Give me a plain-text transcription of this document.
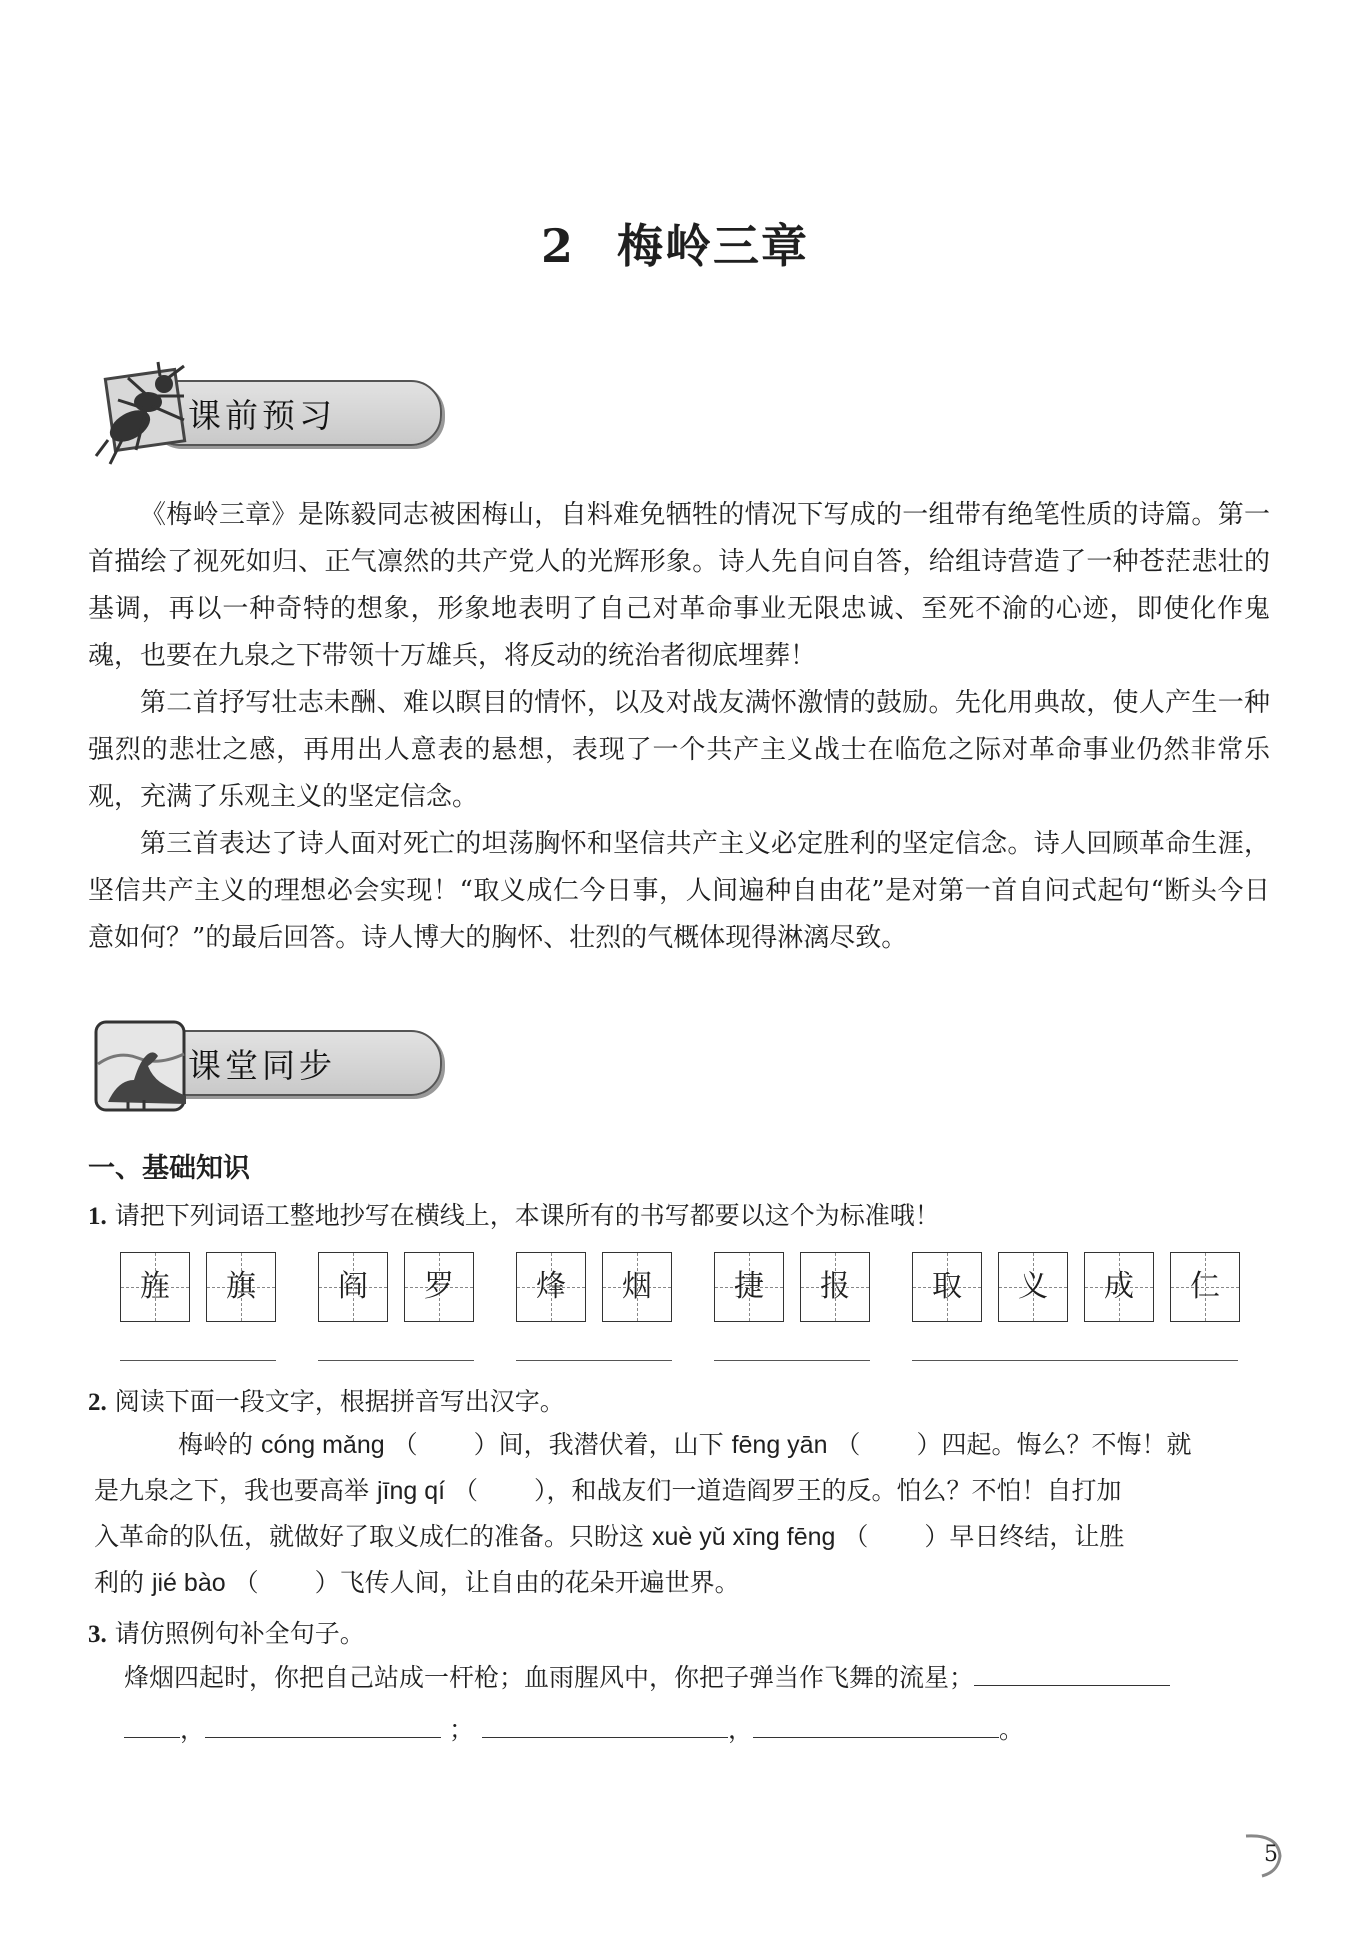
2 梅岭三章
课前预习

《梅岭三章》是陈毅同志被困梅山，自料难免牺牲的情况下写成的一组带有绝笔性质的诗篇。第一首描绘了视死如归、正气凛然的共产党人的光辉形象。诗人先自问自答，给组诗营造了一种苍茫悲壮的基调，再以一种奇特的想象，形象地表明了自己对革命事业无限忠诚、至死不渝的心迹，即使化作鬼魂，也要在九泉之下带领十万雄兵，将反动的统治者彻底埋葬！

第二首抒写壮志未酬、难以瞑目的情怀，以及对战友满怀激情的鼓励。先化用典故，使人产生一种强烈的悲壮之感，再用出人意表的悬想，表现了一个共产主义战士在临危之际对革命事业仍然非常乐观，充满了乐观主义的坚定信念。

第三首表达了诗人面对死亡的坦荡胸怀和坚信共产主义必定胜利的坚定信念。诗人回顾革命生涯，坚信共产主义的理想必会实现！“取义成仁今日事，人间遍种自由花”是对第一首自问式起句“断头今日意如何？”的最后回答。诗人博大的胸怀、壮烈的气概体现得淋漓尽致。

课堂同步
一、基础知识
1. 请把下列词语工整地抄写在横线上，本课所有的书写都要以这个为标准哦！
旌	旗	阎	罗	烽	烟	捷	报	取	义	成	仁
2. 阅读下面一段文字，根据拼音写出汉字。
梅岭的 cóng mǎng （ ）间，我潜伏着，山下 fēng yān （ ）四起。悔么？不悔！就
是九泉之下，我也要高举 jīng qí （ ），和战友们一道造阎罗王的反。怕么？不怕！自打加
入革命的队伍，就做好了取义成仁的准备。只盼这 xuè yǔ xīng fēng （ ）早日终结，让胜
利的 jié bào （ ）飞传人间，让自由的花朵开遍世界。
3. 请仿照例句补全句子。
烽烟四起时，你把自己站成一杆枪；血雨腥风中，你把子弹当作飞舞的流星；
，	；	，	。
5
